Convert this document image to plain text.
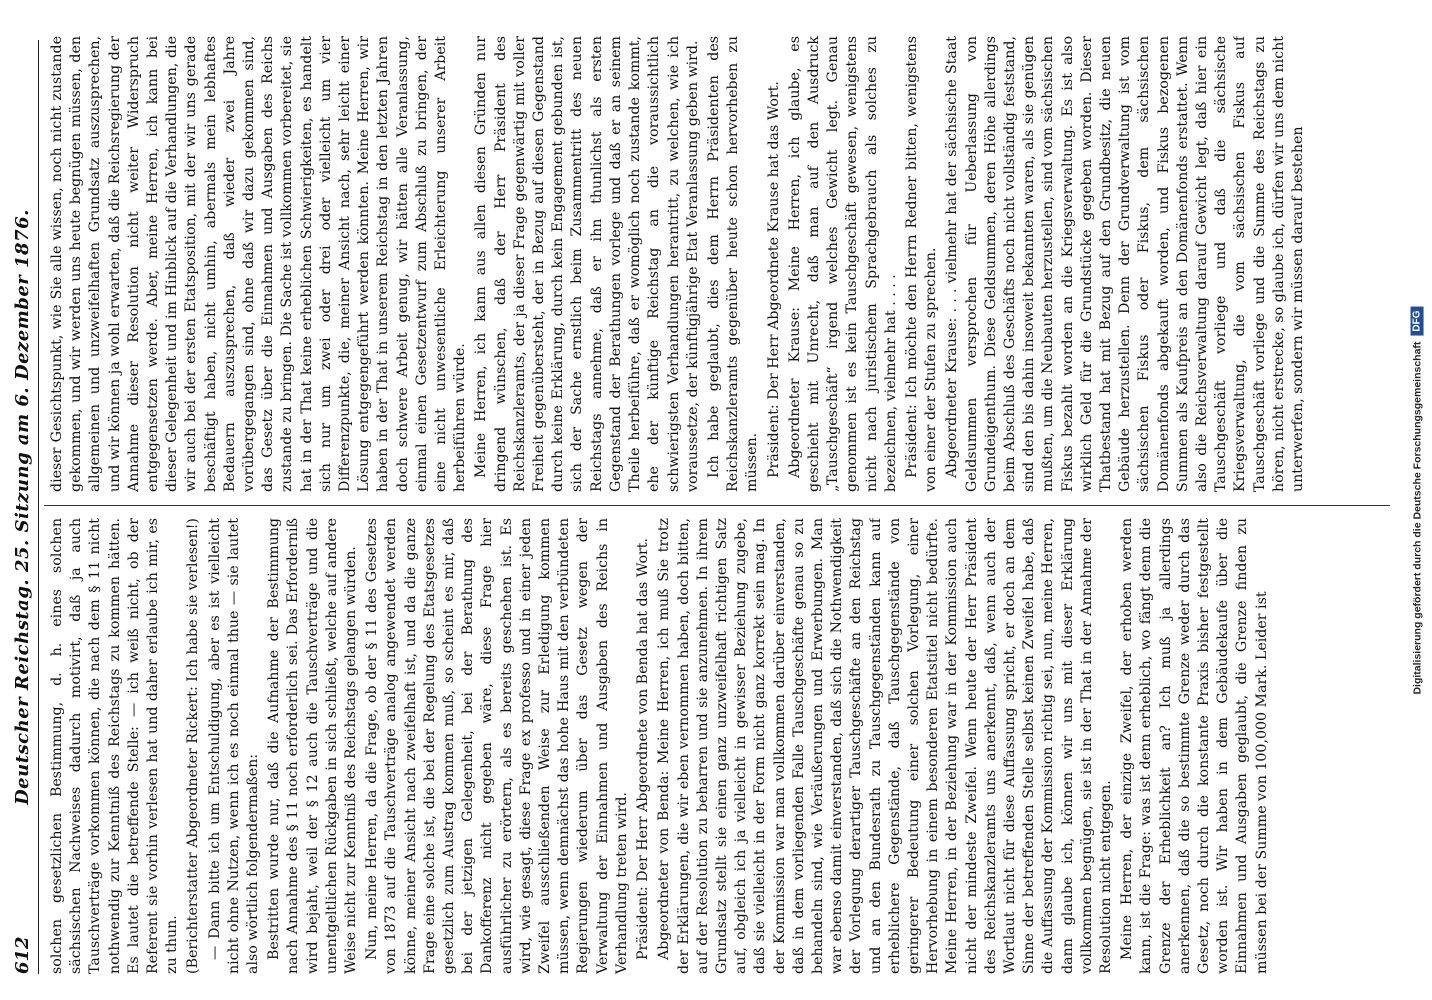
612
Deutscher Reichstag. 25. Sitzung am 6. Dezember 1876. solchen gesetzlichen Bestimmung, d. h. eines solchen sächsischen Nachweises dadurch motivirt, daß ja auch Tauschverträge vorkommen können, die nach dem § 11 nicht nothwendig zur Kenntniß des Reichstags zu kommen hätten. Es lautet die betreffende Stelle: — ich weiß nicht, ob der Referent sie vorhin verlesen hat und daher erlaube ich mir, es zu thun. (Berichterstatter Abgeordneter Rickert: Ich habe sie verlesen!) — Dann bitte ich um Entschuldigung, aber es ist vielleicht nicht ohne Nutzen, wenn ich es noch einmal thue — sie lautet also wörtlich folgendermaßen: Bestritten wurde nur, daß die Aufnahme der Bestimmung nach Annahme des § 11 noch erforderlich sei. Das Erforderniß wird bejaht, weil der § 12 auch die Tauschverträge und die unentgeltlichen Rückgaben in sich schließt, welche auf andere Weise nicht zur Kenntniß des Reichstags gelangen würden. Nun, meine Herren, da die Frage, ob der § 11 des Gesetzes von 1873 auf die Tauschverträge analog angewendet werden könne, meiner Ansicht nach zweifelhaft ist, und da die ganze Frage eine solche ist, die bei der Regelung des Etatsgesetzes gesetzlich zum Austrag kommen muß, so scheint es mir, daß bei der jetzigen Gelegenheit, bei der Berathung des Dankofferenz nicht gegeben wäre, diese Frage hier ausführlicher zu erörtern, als es bereits geschehen ist. Es wird, wie gesagt, diese Frage ex professo und in einer jeden Zweifel ausschließenden Weise zur Erledigung kommen müssen, wenn demnächst das hohe Haus mit den verbündeten Regierungen wiederum über das Gesetz wegen der Verwaltung der Einnahmen und Ausgaben des Reichs in Verhandlung treten wird. Präsident: Der Herr Abgeordnete von Benda hat das Wort. Abgeordneter von Benda: Meine Herren, ich muß Sie trotz der Erklärungen, die wir eben vernommen haben, doch bitten, auf der Resolution zu beharren und sie anzunehmen. In ihrem Grundsatz stellt sie einen ganz unzweifelhaft richtigen Satz auf, obgleich ich ja vielleicht in gewisser Beziehung zugebe, daß sie vielleicht in der Form nicht ganz korrekt sein mag. In der Kommission war man vollkommen darüber einverstanden, daß in dem vorliegenden Falle Tauschgeschäfte genau so zu behandeln sind, wie Veräußerungen und Erwerbungen. Man war ebenso damit einverstanden, daß sich die Nothwendigkeit der Vorlegung derartiger Tauschgeschäfte an den Reichstag und an den Bundesrath zu Tauschgegenständen kann auf erheblichere Gegenstände, daß Tauschgegenstände von geringerer Bedeutung einer solchen Vorlegung, einer Hervorhebung in einem besonderen Etatstitel nicht bedürfte. Meine Herren, in der Beziehung war in der Kommission auch nicht der mindeste Zweifel. Wenn heute der Herr Präsident des Reichskanzleramts uns anerkennt, daß, wenn auch der Wortlaut nicht für diese Auffassung spricht, er doch an dem Sinne der betreffenden Stelle selbst keinen Zweifel habe, daß die Auffassung der Kommission richtig sei, nun, meine Herren, dann glaube ich, können wir uns mit dieser Erklärung vollkommen begnügen, sie ist in der That in der Annahme der Resolution nicht entgegen. Meine Herren, der einzige Zweifel, der erhoben werden kann, ist die Frage: was ist denn erheblich, wo fängt denn die Grenze der Erheblichkeit an? Ich muß ja allerdings anerkennen, daß die so bestimmte Grenze weder durch das Gesetz, noch durch die konstante Praxis bisher festgestellt worden ist. Wir haben in dem Gebäudekaufe über die Einnahmen und Ausgaben geglaubt, die Grenze finden zu müssen bei der Summe von 100,000 Mark. Leider ist

dieser Gesichtspunkt, wie Sie alle wissen, noch nicht zustande gekommen, und wir werden uns heute begnügen müssen, den allgemeinen und unzweifelhaften Grundsatz auszusprechen, und wir können ja wohl erwarten, daß die Reichsregierung der Annahme dieser Resolution nicht weiter Widerspruch entgegensetzen werde. Aber, meine Herren, ich kann bei dieser Gelegenheit und im Hinblick auf die Verhandlungen, die wir auch bei der ersten Etatsposition, mit der wir uns gerade beschäftigt haben, nicht umhin, abermals mein lebhaftes Bedauern auszusprechen, daß wieder zwei Jahre vorübergegangen sind, ohne daß wir dazu gekommen sind, das Gesetz über die Einnahmen und Ausgaben des Reichs zustande zu bringen. Die Sache ist vollkommen vorbereitet, sie hat in der That keine erheblichen Schwierigkeiten, es handelt sich nur um zwei oder drei oder vielleicht um vier Differenzpunkte, die, meiner Ansicht nach, sehr leicht einer Lösung entgegengeführt werden könnten. Meine Herren, wir haben in der That in unserem Reichstag in den letzten Jahren doch schwere Arbeit genug, wir hätten alle Veranlassung, einmal einen Gesetzentwurf zum Abschluß zu bringen, der eine nicht unwesentliche Erleichterung unserer Arbeit herbeiführen würde. Meine Herren, ich kann aus allen diesen Gründen nur dringend wünschen, daß der Herr Präsident des Reichskanzleramts, der ja dieser Frage gegenwärtig mit voller Freiheit gegenübersteht, der in Bezug auf diesen Gegenstand durch keine Erklärung, durch kein Engagement gebunden ist, sich der Sache ernstlich beim Zusammentritt des neuen Reichstags annehme, daß er ihn thunlichst als ersten Gegenstand der Berathungen vorlege und daß er an seinem Theile herbeiführe, daß er womöglich noch zustande kommt, ehe der künftige Reichstag an die voraussichtlich schwierigsten Verhandlungen herantritt, zu welchen, wie ich voraussetze, der künftigjährige Etat Veranlassung geben wird. Ich habe geglaubt, dies dem Herrn Präsidenten des Reichskanzleramts gegenüber heute schon hervorheben zu müssen. Präsident: Der Herr Abgeordnete Krause hat das Wort. Abgeordneter Krause: Meine Herren, ich glaube, es geschieht mit Unrecht, daß man auf den Ausdruck „Tauschgeschäft“ irgend welches Gewicht legt. Genau genommen ist es kein Tauschgeschäft gewesen, wenigstens nicht nach juristischem Sprachgebrauch als solches zu bezeichnen, vielmehr hat . . . . Präsident: Ich möchte den Herrn Redner bitten, wenigstens von einer der Stufen zu sprechen. Abgeordneter Krause: . . . vielmehr hat der sächsische Staat Geldsummen versprochen für Ueberlassung von Grundeigenthum. Diese Geldsummen, deren Höhe allerdings beim Abschluß des Geschäfts noch nicht vollständig feststand, sind den bis dahin insoweit bekannten waren, als sie genügen mußten, um die Neubauten herzustellen, sind vom sächsischen Fiskus bezahlt worden an die Kriegsverwaltung. Es ist also wirklich Geld für die Grundstücke gegeben worden. Dieser Thatbestand hat mit Bezug auf den Grundbesitz, die neuen Gebäude herzustellen. Denn der Grundverwaltung ist vom sächsischen Fiskus oder Fiskus, dem sächsischen Domänenfonds abgekauft worden, und Fiskus bezogenen Summen als Kaufpreis an den Domänenfonds erstattet. Wenn also die Reichsverwaltung darauf Gewicht legt, daß hier ein Tauschgeschäft vorliege und daß die sächsische Kriegsverwaltung, die vom sächsischen Fiskus auf Tauschgeschäft vorliege und die Summe des Reichstags zu hören, nicht erstrecke, so glaube ich, dürfen wir uns dem nicht unterwerfen, sondern wir müssen darauf bestehen

Digitalisierung gefördert durch die Deutsche Forschungsgemeinschaft
DFG
